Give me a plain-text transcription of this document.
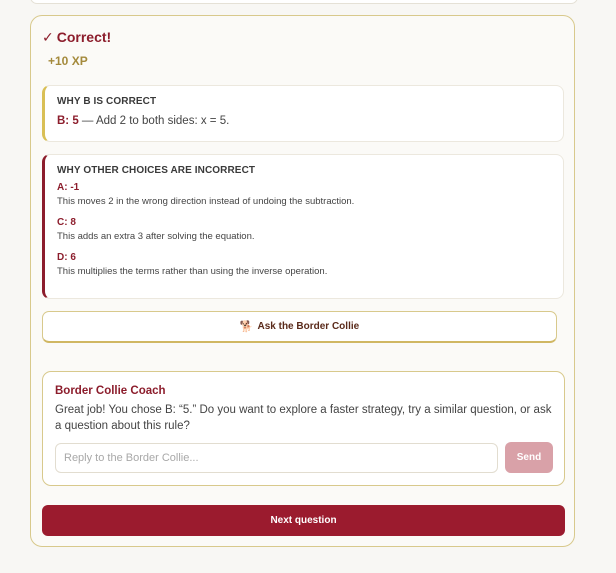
✓ Correct!
+10 XP
WHY B IS CORRECT
B: 5 — Add 2 to both sides: x = 5.
WHY OTHER CHOICES ARE INCORRECT
A: -1
This moves 2 in the wrong direction instead of undoing the subtraction.
C: 8
This adds an extra 3 after solving the equation.
D: 6
This multiplies the terms rather than using the inverse operation.
🐕 Ask the Border Collie
Border Collie Coach
Great job! You chose B: “5.” Do you want to explore a faster strategy, try a similar question, or ask a question about this rule?
Reply to the Border Collie...
Send
Next question
